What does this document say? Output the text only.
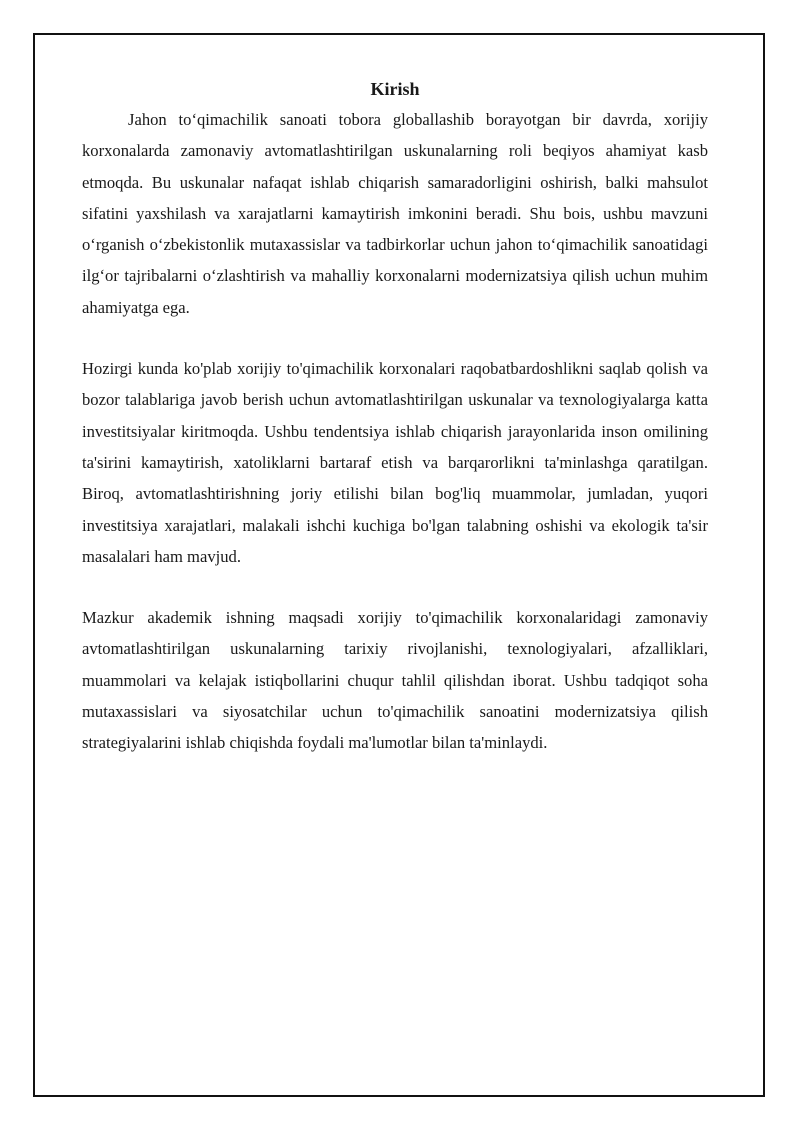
Kirish

Jahon to‘qimachilik sanoati tobora globallashib borayotgan bir davrda, xorijiy korxonalarda zamonaviy avtomatlashtirilgan uskunalarning roli beqiyos ahamiyat kasb etmoqda. Bu uskunalar nafaqat ishlab chiqarish samaradorligini oshirish, balki mahsulot sifatini yaxshilash va xarajatlarni kamaytirish imkonini beradi. Shu bois, ushbu mavzuni o‘rganish o‘zbekistonlik mutaxassislar va tadbirkorlar uchun jahon to‘qimachilik sanoatidagi ilg‘or tajribalarni o‘zlashtirish va mahalliy korxonalarni modernizatsiya qilish uchun muhim ahamiyatga ega.

Hozirgi kunda ko'plab xorijiy to'qimachilik korxonalari raqobatbardoshlikni saqlab qolish va bozor talablariga javob berish uchun avtomatlashtirilgan uskunalar va texnologiyalarga katta investitsiyalar kiritmoqda. Ushbu tendentsiya ishlab chiqarish jarayonlarida inson omilining ta'sirini kamaytirish, xatoliklarni bartaraf etish va barqarorlikni ta'minlashga qaratilgan. Biroq, avtomatlashtirishning joriy etilishi bilan bog'liq muammolar, jumladan, yuqori investitsiya xarajatlari, malakali ishchi kuchiga bo'lgan talabning oshishi va ekologik ta'sir masalalari ham mavjud.

Mazkur akademik ishning maqsadi xorijiy to'qimachilik korxonalaridagi zamonaviy avtomatlashtirilgan uskunalarning tarixiy rivojlanishi, texnologiyalari, afzalliklari, muammolari va kelajak istiqbollarini chuqur tahlil qilishdan iborat. Ushbu tadqiqot soha mutaxassislari va siyosatchilar uchun to'qimachilik sanoatini modernizatsiya qilish strategiyalarini ishlab chiqishda foydali ma'lumotlar bilan ta'minlaydi.
